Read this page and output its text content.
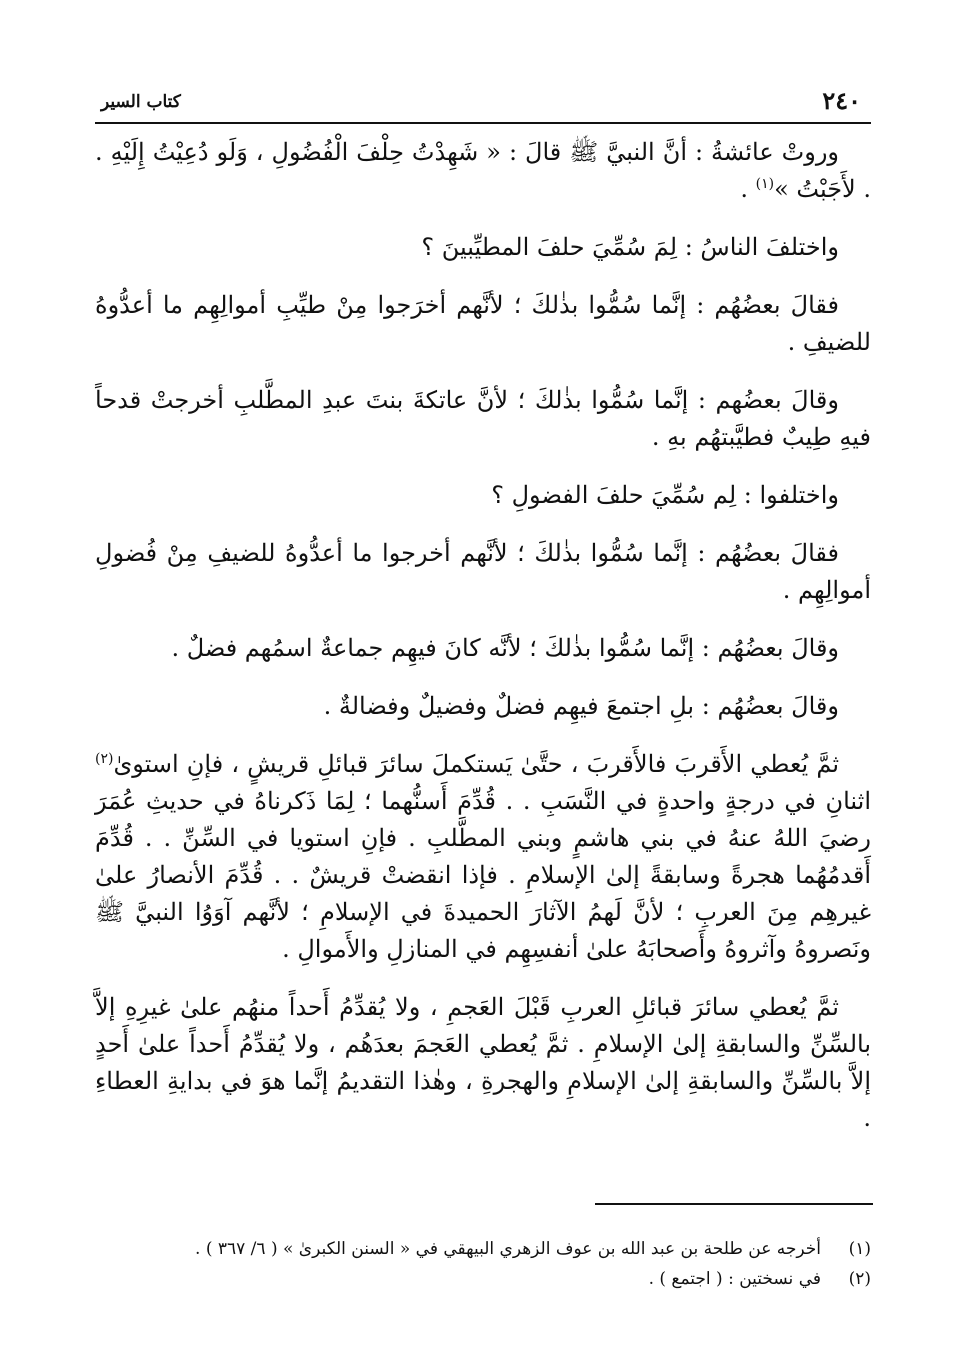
٢٤٠
كتاب السير

وروتْ عائشةُ : أنَّ النبيَّ ﷺ قالَ : « شَهِدْتُ حِلْفَ الْفُضُولِ ، وَلَو دُعِيْتُ إِلَيْهِ . . لأَجَبْتُ »$^{(١)}$ .

واختلفَ الناسُ : لِمَ سُمِّيَ حلفَ المطيِّبينَ ؟

فقالَ بعضُهُم : إنَّما سُمُّوا بذٰلكَ ؛ لأنَّهم أخرَجوا مِنْ طيِّبِ أموالِهِم ما أعدُّوهُ للضيفِ .

وقالَ بعضُهم : إنَّما سُمُّوا بذٰلكَ ؛ لأنَّ عاتكةَ بنتَ عبدِ المطَّلبِ أخرجتْ قدحاً فيهِ طِيبٌ فطيَّبتهُم بهِ .

واختلفوا : لِم سُمِّيَ حلفَ الفضولِ ؟

فقالَ بعضُهُم : إنَّما سُمُّوا بذٰلكَ ؛ لأنَّهم أخرجوا ما أعدُّوهُ للضيفِ مِنْ فُضولِ أموالِهِم .

وقالَ بعضُهُم : إنَّما سُمُّوا بذٰلكَ ؛ لأنَّه كانَ فيهِم جماعةٌ اسمُهم فضلٌ .

وقالَ بعضُهُم : بلِ اجتمعَ فيهِم فضلٌ وفضيلٌ وفضالةٌ .

ثمَّ يُعطي الأَقربَ فالأَقربَ ، حتَّىٰ يَستكملَ سائرَ قبائلِ قريشٍ ، فإنِ استوىٰ$^{(٢)}$ اثنانِ في درجةٍ واحدةٍ في النَّسَبِ . . قُدِّمَ أَسنُّهما ؛ لِمَا ذَكرناهُ في حديثِ عُمَرَ رضيَ اللهُ عنهُ في بني هاشمٍ وبني المطَّلبِ . فإنِ استويا في السِّنِّ . . قُدِّمَ أَقدمُهُما هجرةً وسابقةً إلىٰ الإسلامِ . فإذا انقضتْ قريشٌ . . قُدِّمَ الأنصارُ علىٰ غيرهِم مِنَ العربِ ؛ لأنَّ لَهمُ الآثارَ الحميدةَ في الإسلامِ ؛ لأنَّهم آوَوُا النبيَّ ﷺ ونَصروهُ وآثروهُ وأَصحابَهُ علىٰ أنفسِهِم في المنازلِ والأَموالِ .

ثمَّ يُعطي سائرَ قبائلِ العربِ قَبْلَ العَجمِ ، ولا يُقدِّمُ أَحداً منهُم علىٰ غيرِهِ إلاَّ بالسِّنِّ والسابقةِ إلىٰ الإسلامِ . ثمَّ يُعطي العَجمَ بعدَهُم ، ولا يُقدِّمُ أَحداً علىٰ أَحدٍ إلاَّ بالسِّنِّ والسابقةِ إلىٰ الإسلامِ والهجرةِ ، وهٰذا التقديمُ إنَّما هوَ في بدايةِ العطاءِ .

(١)أخرجه عن طلحة بن عبد الله بن عوف الزهري البيهقي في « السنن الكبرىٰ » ( ٦/ ٣٦٧ ) .

(٢)في نسختين : ( اجتمع ) .
